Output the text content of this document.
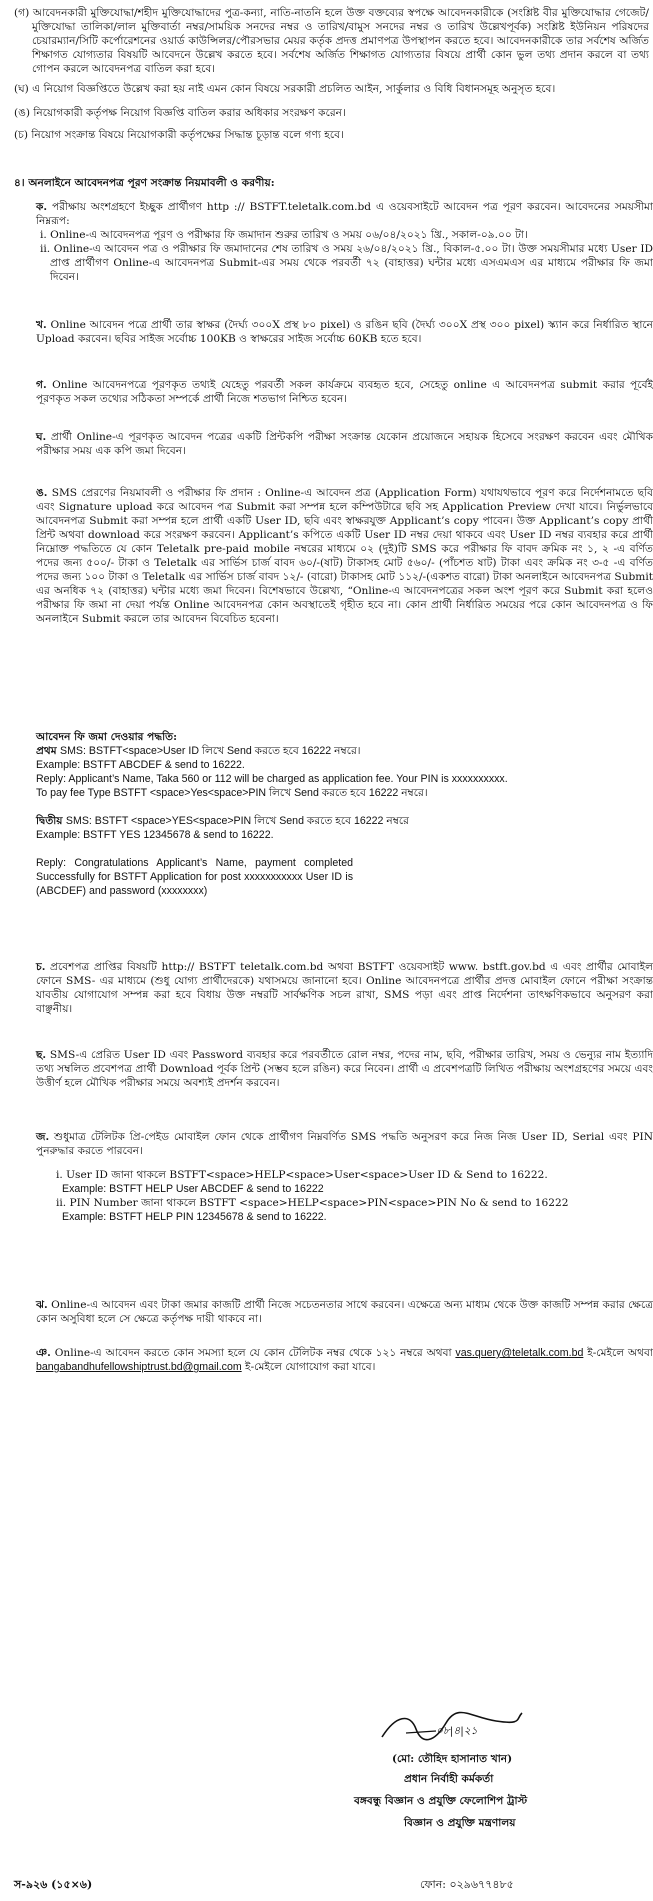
(গ) আবেদনকারী মুক্তিযোদ্ধা/শহীদ মুক্তিযোদ্ধাদের পুত্র-কন্যা, নাতি-নাতনি হলে উক্ত বক্তব্যের স্বপক্ষে আবেদনকারীকে (সংশ্লিষ্ট বীর মুক্তিযোদ্ধার গেজেট/মুক্তিযোদ্ধা তালিকা/লাল মুক্তিবার্তা নম্বর/সাময়িক সনদের নম্বর ও তারিখ/বামুস সনদের নম্বর ও তারিখ উল্লেখপূর্বক) সংশ্লিষ্ট ইউনিয়ন পরিষদের চেয়ারম্যান/সিটি কর্পোরেশনের ওয়ার্ড কাউন্সিলর/পৌরসভার মেয়র কর্তৃক প্রদত্ত প্রমাণপত্র উপস্থাপন করতে হবে। আবেদনকারীকে তার সর্বশেষ অর্জিত শিক্ষাগত যোগ্যতার বিষয়টি আবেদনে উল্লেখ করতে হবে। সর্বশেষ অর্জিত শিক্ষাগত যোগ্যতার বিষয়ে প্রার্থী কোন ভুল তথ্য প্রদান করলে বা তথ্য গোপন করলে আবেদনপত্র বাতিল করা হবে।

(ঘ) এ নিয়োগ বিজ্ঞপ্তিতে উল্লেখ করা হয় নাই এমন কোন বিষয়ে সরকারী প্রচলিত আইন, সার্কুলার ও বিধি বিধানসমূহ অনুসৃত হবে।

(ঙ) নিয়োগকারী কর্তৃপক্ষ নিয়োগ বিজ্ঞপ্তি বাতিল করার অধিকার সংরক্ষণ করেন।

(চ) নিয়োগ সংক্রান্ত বিষয়ে নিয়োগকারী কর্তৃপক্ষের সিদ্ধান্ত চূড়ান্ত বলে গণ্য হবে।

৪। অনলাইনে আবেদনপত্র পূরণ সংক্রান্ত নিয়মাবলী ও করণীয়:

ক. পরীক্ষায় অংশগ্রহণে ইচ্ছুক প্রার্থীগণ http :// BSTFT.teletalk.com.bd এ ওয়েবসাইটে আবেদন পত্র পূরণ করবেন। আবেদনের সময়সীমা নিম্নরূপ:
i. Online-এ আবেদনপত্র পূরণ ও পরীক্ষার ফি জমাদান শুরুর তারিখ ও সময় ০৬/০৪/২০২১ খ্রি., সকাল-০৯.০০ টা।
ii. Online-এ আবেদন পত্র ও পরীক্ষার ফি জমাদানের শেষ তারিখ ও সময় ২৬/০৪/২০২১ খ্রি., বিকাল-৫.০০ টা। উক্ত সময়সীমার মধ্যে User ID প্রাপ্ত প্রার্থীগণ Online-এ আবেদনপত্র Submit-এর সময় থেকে পরবর্তী ৭২ (বাহাত্তর) ঘন্টার মধ্যে এসএমএস এর মাধ্যমে পরীক্ষার ফি জমা দিবেন।
খ. Online আবেদন পত্রে প্রার্থী তার স্বাক্ষর (দৈর্ঘ্য ৩০০X প্রস্থ ৮০ pixel) ও রঙিন ছবি (দৈর্ঘ্য ৩০০X প্রস্থ ৩০০ pixel) স্ক্যান করে নির্ধারিত স্থানে Upload করবেন। ছবির সাইজ সর্বোচ্চ 100KB ও স্বাক্ষরের সাইজ সর্বোচ্চ 60KB হতে হবে।
গ. Online আবেদনপত্রে পূরণকৃত তথ্যই যেহেতু পরবর্তী সকল কার্যক্রমে ব্যবহৃত হবে, সেহেতু online এ আবেদনপত্র submit করার পূর্বেই পূরণকৃত সকল তথ্যের সঠিকতা সম্পর্কে প্রার্থী নিজে শতভাগ নিশ্চিত হবেন।
ঘ. প্রার্থী Online-এ পূরণকৃত আবেদন পত্রের একটি প্রিন্টকপি পরীক্ষা সংক্রান্ত যেকোন প্রয়োজনে সহায়ক হিসেবে সংরক্ষণ করবেন এবং মৌখিক পরীক্ষার সময় এক কপি জমা দিবেন।
ঙ. SMS প্রেরণের নিয়মাবলী ও পরীক্ষার ফি প্রদান : Online-এ আবেদন প্রত্র (Application Form) যথাযথভাবে পূরণ করে নির্দেশনামতে ছবি এবং Signature upload করে আবেদন পত্র Submit করা সম্পন্ন হলে কম্পিউটারে ছবি সহ Application Preview দেখা যাবে। নির্ভুলভাবে আবেদনপত্র Submit করা সম্পন্ন হলে প্রার্থী একটি User ID, ছবি এবং স্বাক্ষরযুক্ত Applicant’s copy পাবেন। উক্ত Applicant’s copy প্রার্থী প্রিন্ট অথবা download করে সংরক্ষণ করবেন। Applicant’s কপিতে একটি User ID নম্বর দেয়া থাকবে এবং User ID নম্বর ব্যবহার করে প্রার্থী নিম্নোক্ত পদ্ধতিতে যে কোন Teletalk pre-paid mobile নম্বরের মাধ্যমে ০২ (দুই)টি SMS করে পরীক্ষার ফি বাবদ ক্রমিক নং ১, ২ -এ বর্ণিত পদের জন্য ৫০০/- টাকা ও Teletalk এর সার্ভিস চার্জ বাবদ ৬০/-(ষাট) টাকাসহ মোট ৫৬০/- (পাঁচশত ষাট) টাকা এবং ক্রমিক নং ৩-৫ -এ বর্ণিত পদের জন্য ১০০ টাকা ও Teletalk এর সার্ভিস চার্জ বাবদ ১২/- (বারো) টাকাসহ মোট ১১২/-(একশত বারো) টাকা অনলাইনে আবেদনপত্র Submit এর অনধিক ৭২ (বাহাত্তর) ঘন্টার মধ্যে জমা দিবেন। বিশেষভাবে উল্লেখ্য, “Online-এ আবেদনপত্রের সকল অংশ পূরণ করে Submit করা হলেও পরীক্ষার ফি জমা না দেয়া পর্যন্ত Online আবেদনপত্র কোন অবস্থাতেই গৃহীত হবে না। কোন প্রার্থী নির্ধারিত সময়ের পরে কোন আবেদনপত্র ও ফি অনলাইনে Submit করলে তার আবেদন বিবেচিত হবেনা।
আবেদন ফি জমা দেওয়ার পদ্ধতি:
প্রথম SMS: BSTFT<space>User ID লিখে Send করতে হবে 16222 নম্বরে।
Example: BSTFT ABCDEF & send to 16222.
Reply: Applicant’s Name, Taka 560 or 112 will be charged as application fee. Your PIN is xxxxxxxxxx.
To pay fee Type BSTFT <space>Yes<space>PIN লিখে Send করতে হবে 16222 নম্বরে।
দ্বিতীয় SMS: BSTFT <space>YES<space>PIN লিখে Send করতে হবে 16222 নম্বরে
Example: BSTFT YES 12345678 & send to 16222.
Reply: Congratulations Applicant’s Name, payment completed Successfully for BSTFT Application for post xxxxxxxxxxx User ID is (ABCDEF) and password (xxxxxxxx)
চ. প্রবেশপত্র প্রাপ্তির বিষয়টি http:// BSTFT teletalk.com.bd অথবা BSTFT ওয়েবসাইট www. bstft.gov.bd এ এবং প্রার্থীর মোবাইল ফোনে SMS- এর মাধ্যমে (শুধু যোগ্য প্রার্থীদেরকে) যথাসময়ে জানানো হবে। Online আবেদনপত্রে প্রার্থীর প্রদত্ত মোবাইল ফোনে পরীক্ষা সংক্রান্ত যাবতীয় যোগাযোগ সম্পন্ন করা হবে বিধায় উক্ত নম্বরটি সার্বক্ষণিক সচল রাখা, SMS পড়া এবং প্রাপ্ত নির্দেশনা তাৎক্ষণিকভাবে অনুসরণ করা বাঞ্ছনীয়।
ছ. SMS-এ প্রেরিত User ID এবং Password ব্যবহার করে পরবর্তীতে রোল নম্বর, পদের নাম, ছবি, পরীক্ষার তারিখ, সময় ও ভেন্যুর নাম ইত্যাদি তথ্য সম্বলিত প্রবেশপত্র প্রার্থী Download পূর্বক প্রিন্ট (সম্ভব হলে রঙিন) করে নিবেন। প্রার্থী এ প্রবেশপত্রটি লিখিত পরীক্ষায় অংশগ্রহণের সময়ে এবং উত্তীর্ণ হলে মৌখিক পরীক্ষার সময়ে অবশ্যই প্রদর্শন করবেন।
জ. শুধুমাত্র টেলিটক প্রি-পেইড মোবাইল ফোন থেকে প্রার্থীগণ নিম্নবর্ণিত SMS পদ্ধতি অনুসরণ করে নিজ নিজ User ID, Serial এবং PIN পুনরুদ্ধার করতে পারবেন।
i. User ID জানা থাকলে BSTFT<space>HELP<space>User<space>User ID & Send to 16222.
Example: BSTFT HELP User ABCDEF & send to 16222
ii. PIN Number জানা থাকলে BSTFT <space>HELP<space>PIN<space>PIN No & send to 16222
Example: BSTFT HELP PIN 12345678 & send to 16222.
ঝ. Online-এ আবেদন এবং টাকা জমার কাজটি প্রার্থী নিজে সচেতনতার সাথে করবেন। এক্ষেত্রে অন্য মাধ্যম থেকে উক্ত কাজটি সম্পন্ন করার ক্ষেত্রে কোন অসুবিধা হলে সে ক্ষেত্রে কর্তৃপক্ষ দায়ী থাকবে না।
ঞ. Online-এ আবেদন করতে কোন সমস্যা হলে যে কোন টেলিটক নম্বর থেকে ১২১ নম্বরে অথবা vas.query@teletalk.com.bd ই-মেইলে অথবা bangabandhufellowshiptrust.bd@gmail.com ই-মেইলে যোগাযোগ করা যাবে।
০৮|৪|২১
(মো: তৌহিদ হাসানাত খান)
প্রধান নির্বাহী কর্মকর্তা
বঙ্গবন্ধু বিজ্ঞান ও প্রযুক্তি ফেলোশিপ ট্রাস্ট
বিজ্ঞান ও প্রযুক্তি মন্ত্রণালয়
স-৯২৬ (১৫×৬)	ফোন: ০২৯৬৭৭৪৮৫
